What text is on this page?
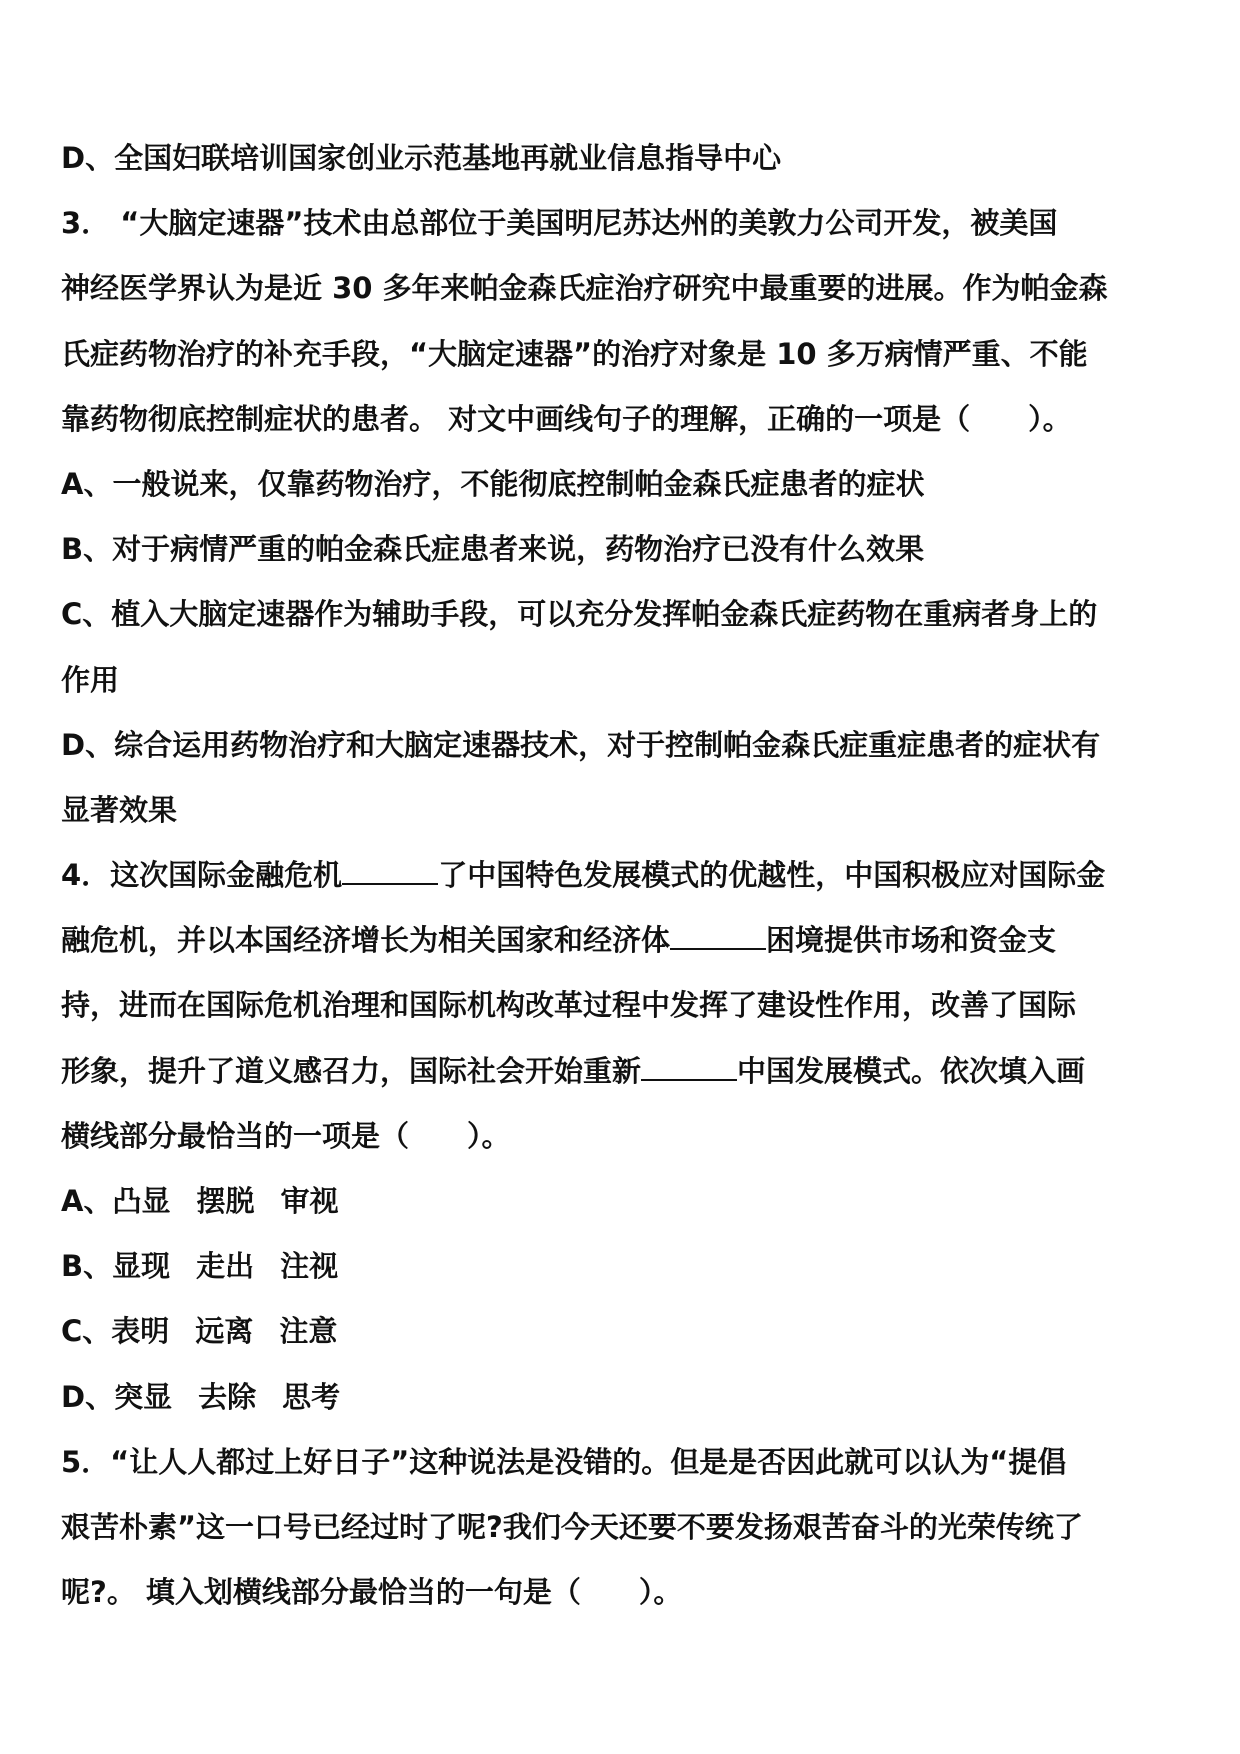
D、全国妇联培训国家创业示范基地再就业信息指导中心
3． “大脑定速器”技术由总部位于美国明尼苏达州的美敦力公司开发，被美国
神经医学界认为是近 30 多年来帕金森氏症治疗研究中最重要的进展。作为帕金森
氏症药物治疗的补充手段，“大脑定速器”的治疗对象是 10 多万病情严重、不能
靠药物彻底控制症状的患者。 对文中画线句子的理解，正确的一项是（　　）。
A、一般说来，仅靠药物治疗，不能彻底控制帕金森氏症患者的症状
B、对于病情严重的帕金森氏症患者来说，药物治疗已没有什么效果
C、植入大脑定速器作为辅助手段，可以充分发挥帕金森氏症药物在重病者身上的
作用
D、综合运用药物治疗和大脑定速器技术，对于控制帕金森氏症重症患者的症状有
显著效果
4．这次国际金融危机	了中国特色发展模式的优越性，中国积极应对国际金
融危机，并以本国经济增长为相关国家和经济体	困境提供市场和资金支
持，进而在国际危机治理和国际机构改革过程中发挥了建设性作用，改善了国际
形象，提升了道义感召力，国际社会开始重新	中国发展模式。依次填入画
横线部分最恰当的一项是（　　）。
A、凸显 摆脱 审视
B、显现 走出 注视
C、表明 远离 注意
D、突显 去除 思考
5．“让人人都过上好日子”这种说法是没错的。但是是否因此就可以认为“提倡
艰苦朴素”这一口号已经过时了呢?我们今天还要不要发扬艰苦奋斗的光荣传统了
呢?。 填入划横线部分最恰当的一句是（　　）。
